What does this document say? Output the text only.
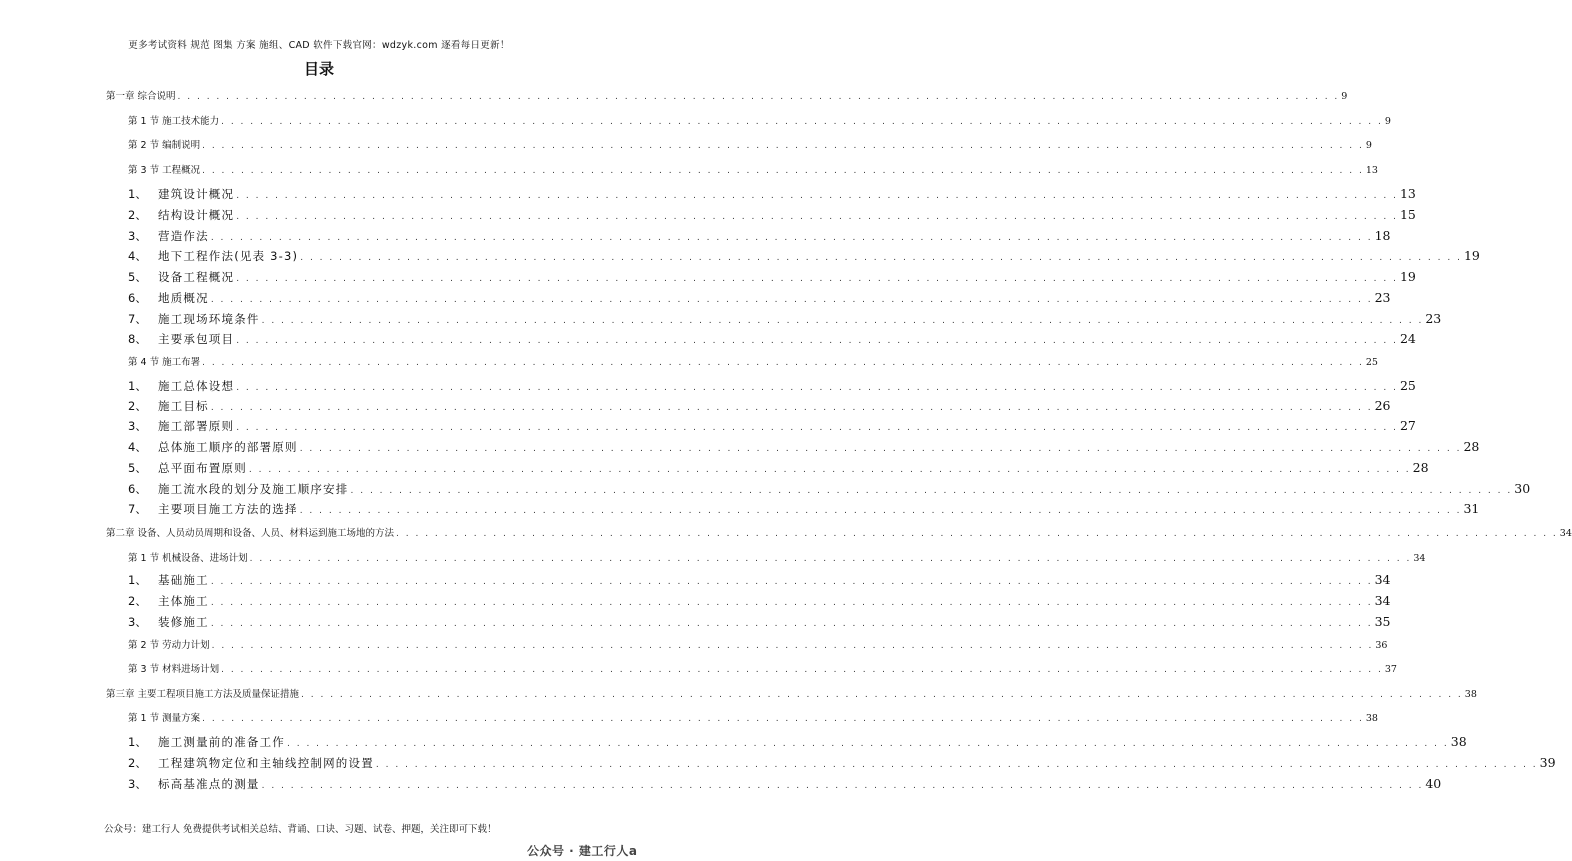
更多考试资料 规范 图集 方案 施组、CAD 软件下载官网：wdzyk.com 逐看每日更新！
目录
第一章 综合说明 . . . . . . . . . . . . . . . . . . . . . . . . . . . . . . . . . . . . . . . . . . . . . . . . . . . . . . . . . . . . . . . . . . . . . . . . . . . . . . . . . . . . . . . . . . . . . . . . . . . . . . . . . . . . . . . . . . . . . . . . 9
第 1 节 施工技术能力 . . . . . . . . . . . . . . . . . . . . . . . . . . . . . . . . . . . . . . . . . . . . . . . . . . . . . . . . . . . . . . . . . . . . . . . . . . . . . . . . . . . . . . . . . . . . . . . . . . . . . . . . . . . . . . . . . . . . . . . . 9
第 2 节 编制说明 . . . . . . . . . . . . . . . . . . . . . . . . . . . . . . . . . . . . . . . . . . . . . . . . . . . . . . . . . . . . . . . . . . . . . . . . . . . . . . . . . . . . . . . . . . . . . . . . . . . . . . . . . . . . . . . . . . . . . . . . 9
第 3 节 工程概况 . . . . . . . . . . . . . . . . . . . . . . . . . . . . . . . . . . . . . . . . . . . . . . . . . . . . . . . . . . . . . . . . . . . . . . . . . . . . . . . . . . . . . . . . . . . . . . . . . . . . . . . . . . . . . . . . . . . . . . . . 13
1、 建筑设计概况 . . . . . . . . . . . . . . . . . . . . . . . . . . . . . . . . . . . . . . . . . . . . . . . . . . . . . . . . . . . . . . . . . . . . . . . . . . . . . . . . . . . . . . . . . . . . . . . . . . . . . . . . . . . . . . . . . . . . . . . . 13
2、 结构设计概况 . . . . . . . . . . . . . . . . . . . . . . . . . . . . . . . . . . . . . . . . . . . . . . . . . . . . . . . . . . . . . . . . . . . . . . . . . . . . . . . . . . . . . . . . . . . . . . . . . . . . . . . . . . . . . . . . . . . . . . . . 15
3、 营造作法 . . . . . . . . . . . . . . . . . . . . . . . . . . . . . . . . . . . . . . . . . . . . . . . . . . . . . . . . . . . . . . . . . . . . . . . . . . . . . . . . . . . . . . . . . . . . . . . . . . . . . . . . . . . . . . . . . . . . . . . . 18
4、 地下工程作法(见表 3-3) . . . . . . . . . . . . . . . . . . . . . . . . . . . . . . . . . . . . . . . . . . . . . . . . . . . . . . . . . . . . . . . . . . . . . . . . . . . . . . . . . . . . . . . . . . . . . . . . . . . . . . . . . . . . . . . . . . . . . . . . 19
5、 设备工程概况 . . . . . . . . . . . . . . . . . . . . . . . . . . . . . . . . . . . . . . . . . . . . . . . . . . . . . . . . . . . . . . . . . . . . . . . . . . . . . . . . . . . . . . . . . . . . . . . . . . . . . . . . . . . . . . . . . . . . . . . . 19
6、 地质概况 . . . . . . . . . . . . . . . . . . . . . . . . . . . . . . . . . . . . . . . . . . . . . . . . . . . . . . . . . . . . . . . . . . . . . . . . . . . . . . . . . . . . . . . . . . . . . . . . . . . . . . . . . . . . . . . . . . . . . . . . 23
7、 施工现场环境条件 . . . . . . . . . . . . . . . . . . . . . . . . . . . . . . . . . . . . . . . . . . . . . . . . . . . . . . . . . . . . . . . . . . . . . . . . . . . . . . . . . . . . . . . . . . . . . . . . . . . . . . . . . . . . . . . . . . . . . . . . 23
8、 主要承包项目 . . . . . . . . . . . . . . . . . . . . . . . . . . . . . . . . . . . . . . . . . . . . . . . . . . . . . . . . . . . . . . . . . . . . . . . . . . . . . . . . . . . . . . . . . . . . . . . . . . . . . . . . . . . . . . . . . . . . . . . . 24
第 4 节 施工布署 . . . . . . . . . . . . . . . . . . . . . . . . . . . . . . . . . . . . . . . . . . . . . . . . . . . . . . . . . . . . . . . . . . . . . . . . . . . . . . . . . . . . . . . . . . . . . . . . . . . . . . . . . . . . . . . . . . . . . . . . 25
1、 施工总体设想 . . . . . . . . . . . . . . . . . . . . . . . . . . . . . . . . . . . . . . . . . . . . . . . . . . . . . . . . . . . . . . . . . . . . . . . . . . . . . . . . . . . . . . . . . . . . . . . . . . . . . . . . . . . . . . . . . . . . . . . . 25
2、 施工目标 . . . . . . . . . . . . . . . . . . . . . . . . . . . . . . . . . . . . . . . . . . . . . . . . . . . . . . . . . . . . . . . . . . . . . . . . . . . . . . . . . . . . . . . . . . . . . . . . . . . . . . . . . . . . . . . . . . . . . . . . 26
3、 施工部署原则 . . . . . . . . . . . . . . . . . . . . . . . . . . . . . . . . . . . . . . . . . . . . . . . . . . . . . . . . . . . . . . . . . . . . . . . . . . . . . . . . . . . . . . . . . . . . . . . . . . . . . . . . . . . . . . . . . . . . . . . . 27
4、 总体施工顺序的部署原则 . . . . . . . . . . . . . . . . . . . . . . . . . . . . . . . . . . . . . . . . . . . . . . . . . . . . . . . . . . . . . . . . . . . . . . . . . . . . . . . . . . . . . . . . . . . . . . . . . . . . . . . . . . . . . . . . . . . . . . . . 28
5、 总平面布置原则 . . . . . . . . . . . . . . . . . . . . . . . . . . . . . . . . . . . . . . . . . . . . . . . . . . . . . . . . . . . . . . . . . . . . . . . . . . . . . . . . . . . . . . . . . . . . . . . . . . . . . . . . . . . . . . . . . . . . . . . . 28
6、 施工流水段的划分及施工顺序安排 . . . . . . . . . . . . . . . . . . . . . . . . . . . . . . . . . . . . . . . . . . . . . . . . . . . . . . . . . . . . . . . . . . . . . . . . . . . . . . . . . . . . . . . . . . . . . . . . . . . . . . . . . . . . . . . . . . . . . . . . 30
7、 主要项目施工方法的选择 . . . . . . . . . . . . . . . . . . . . . . . . . . . . . . . . . . . . . . . . . . . . . . . . . . . . . . . . . . . . . . . . . . . . . . . . . . . . . . . . . . . . . . . . . . . . . . . . . . . . . . . . . . . . . . . . . . . . . . . . 31
第二章 设备、人员动员周期和设备、人员、材料运到施工场地的方法 . . . . . . . . . . . . . . . . . . . . . . . . . . . . . . . . . . . . . . . . . . . . . . . . . . . . . . . . . . . . . . . . . . . . . . . . . . . . . . . . . . . . . . . . . . . . . . . . . . . . . . . . . . . . . . . . . . . . . . . . 34
第 1 节 机械设备、进场计划 . . . . . . . . . . . . . . . . . . . . . . . . . . . . . . . . . . . . . . . . . . . . . . . . . . . . . . . . . . . . . . . . . . . . . . . . . . . . . . . . . . . . . . . . . . . . . . . . . . . . . . . . . . . . . . . . . . . . . . . . 34
1、 基础施工 . . . . . . . . . . . . . . . . . . . . . . . . . . . . . . . . . . . . . . . . . . . . . . . . . . . . . . . . . . . . . . . . . . . . . . . . . . . . . . . . . . . . . . . . . . . . . . . . . . . . . . . . . . . . . . . . . . . . . . . . 34
2、 主体施工 . . . . . . . . . . . . . . . . . . . . . . . . . . . . . . . . . . . . . . . . . . . . . . . . . . . . . . . . . . . . . . . . . . . . . . . . . . . . . . . . . . . . . . . . . . . . . . . . . . . . . . . . . . . . . . . . . . . . . . . . 34
3、 装修施工 . . . . . . . . . . . . . . . . . . . . . . . . . . . . . . . . . . . . . . . . . . . . . . . . . . . . . . . . . . . . . . . . . . . . . . . . . . . . . . . . . . . . . . . . . . . . . . . . . . . . . . . . . . . . . . . . . . . . . . . . 35
第 2 节 劳动力计划 . . . . . . . . . . . . . . . . . . . . . . . . . . . . . . . . . . . . . . . . . . . . . . . . . . . . . . . . . . . . . . . . . . . . . . . . . . . . . . . . . . . . . . . . . . . . . . . . . . . . . . . . . . . . . . . . . . . . . . . . 36
第 3 节 材料进场计划 . . . . . . . . . . . . . . . . . . . . . . . . . . . . . . . . . . . . . . . . . . . . . . . . . . . . . . . . . . . . . . . . . . . . . . . . . . . . . . . . . . . . . . . . . . . . . . . . . . . . . . . . . . . . . . . . . . . . . . . . 37
第三章 主要工程项目施工方法及质量保证措施 . . . . . . . . . . . . . . . . . . . . . . . . . . . . . . . . . . . . . . . . . . . . . . . . . . . . . . . . . . . . . . . . . . . . . . . . . . . . . . . . . . . . . . . . . . . . . . . . . . . . . . . . . . . . . . . . . . . . . . . . 38
第 1 节 测量方案 . . . . . . . . . . . . . . . . . . . . . . . . . . . . . . . . . . . . . . . . . . . . . . . . . . . . . . . . . . . . . . . . . . . . . . . . . . . . . . . . . . . . . . . . . . . . . . . . . . . . . . . . . . . . . . . . . . . . . . . . 38
1、 施工测量前的准备工作 . . . . . . . . . . . . . . . . . . . . . . . . . . . . . . . . . . . . . . . . . . . . . . . . . . . . . . . . . . . . . . . . . . . . . . . . . . . . . . . . . . . . . . . . . . . . . . . . . . . . . . . . . . . . . . . . . . . . . . . . 38
2、 工程建筑物定位和主轴线控制网的设置 . . . . . . . . . . . . . . . . . . . . . . . . . . . . . . . . . . . . . . . . . . . . . . . . . . . . . . . . . . . . . . . . . . . . . . . . . . . . . . . . . . . . . . . . . . . . . . . . . . . . . . . . . . . . . . . . . . . . . . . . 39
3、 标高基准点的测量 . . . . . . . . . . . . . . . . . . . . . . . . . . . . . . . . . . . . . . . . . . . . . . . . . . . . . . . . . . . . . . . . . . . . . . . . . . . . . . . . . . . . . . . . . . . . . . . . . . . . . . . . . . . . . . . . . . . . . . . . 40
公众号：建工行人 免费提供考试相关总结、背诵、口诀、习题、试卷、押题，关注即可下载！
公众号 · 建工行人a
